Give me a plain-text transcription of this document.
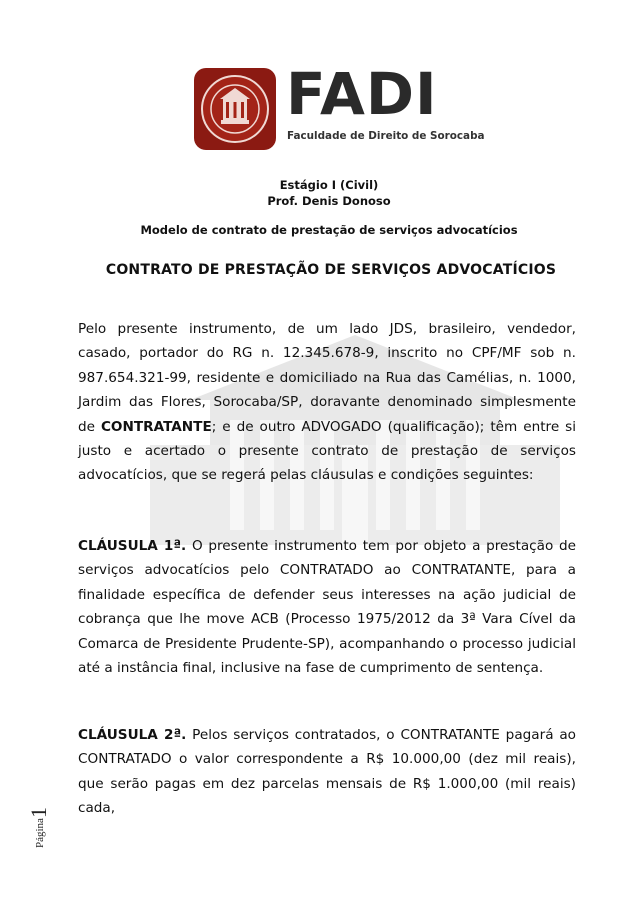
FADI
Faculdade de Direito de Sorocaba
Estágio I (Civil)
Prof. Denis Donoso
Modelo de contrato de prestação de serviços advocatícios
CONTRATO DE PRESTAÇÃO DE SERVIÇOS ADVOCATÍCIOS
Pelo presente instrumento, de um lado JDS, brasileiro, vendedor, casado, portador do RG n. 12.345.678-9, inscrito no CPF/MF sob n. 987.654.321-99, residente e domiciliado na Rua das Camélias, n. 1000, Jardim das Flores, Sorocaba/SP, doravante denominado simplesmente de CONTRATANTE; e de outro ADVOGADO (qualificação); têm entre si justo e acertado o presente contrato de prestação de serviços advocatícios, que se regerá pelas cláusulas e condições seguintes:
CLÁUSULA 1ª. O presente instrumento tem por objeto a prestação de serviços advocatícios pelo CONTRATADO ao CONTRATANTE, para a finalidade específica de defender seus interesses na ação judicial de cobrança que lhe move ACB (Processo 1975/2012 da 3ª Vara Cível da Comarca de Presidente Prudente-SP), acompanhando o processo judicial até a instância final, inclusive na fase de cumprimento de sentença.
CLÁUSULA 2ª. Pelos serviços contratados, o CONTRATANTE pagará ao CONTRATADO o valor correspondente a R$ 10.000,00 (dez mil reais), que serão pagas em dez parcelas mensais de R$ 1.000,00 (mil reais) cada,
Página1
